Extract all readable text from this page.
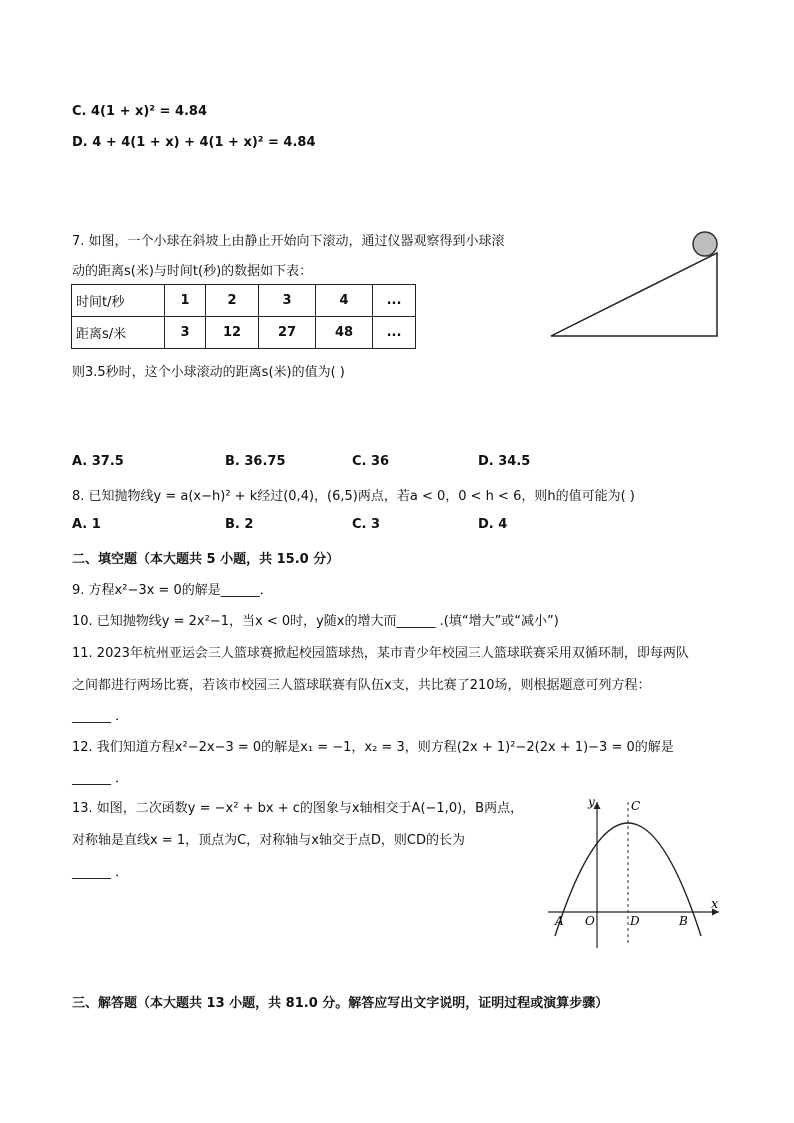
C. 4(1 + x)² = 4.84
D. 4 + 4(1 + x) + 4(1 + x)² = 4.84
7. 如图，一个小球在斜坡上由静止开始向下滚动，通过仪器观察得到小球滚
动的距离s(米)与时间t(秒)的数据如下表：
时间t/秒	1	2	3	4	...
距离s/米	3	12	27	48	...
则3.5秒时，这个小球滚动的距离s(米)的值为( )
A. 37.5	B. 36.75	C. 36	D. 34.5
8. 已知抛物线y = a(x−h)² + k经过(0,4)，(6,5)两点，若a < 0，0 < h < 6，则h的值可能为( )
A. 1	B. 2	C. 3	D. 4
二、填空题（本大题共 5 小题，共 15.0 分）
9. 方程x²−3x = 0的解是______．
10. 已知抛物线y = 2x²−1，当x < 0时，y随x的增大而______ .(填“增大”或“减小”)
11. 2023年杭州亚运会三人篮球赛掀起校园篮球热，某市青少年校园三人篮球联赛采用双循环制，即每两队
之间都进行两场比赛，若该市校园三人篮球联赛有队伍x支，共比赛了210场，则根据题意可列方程：
______ ．
12. 我们知道方程x²−2x−3 = 0的解是x₁ = −1，x₂ = 3，则方程(2x + 1)²−2(2x + 1)−3 = 0的解是
______ ．
13. 如图，二次函数y = −x² + bx + c的图象与x轴相交于A(−1,0)，B两点，
对称轴是直线x = 1，顶点为C，对称轴与x轴交于点D，则CD的长为
______ ．
y
x
C
A O	D	B
三、解答题（本大题共 13 小题，共 81.0 分。解答应写出文字说明，证明过程或演算步骤）
